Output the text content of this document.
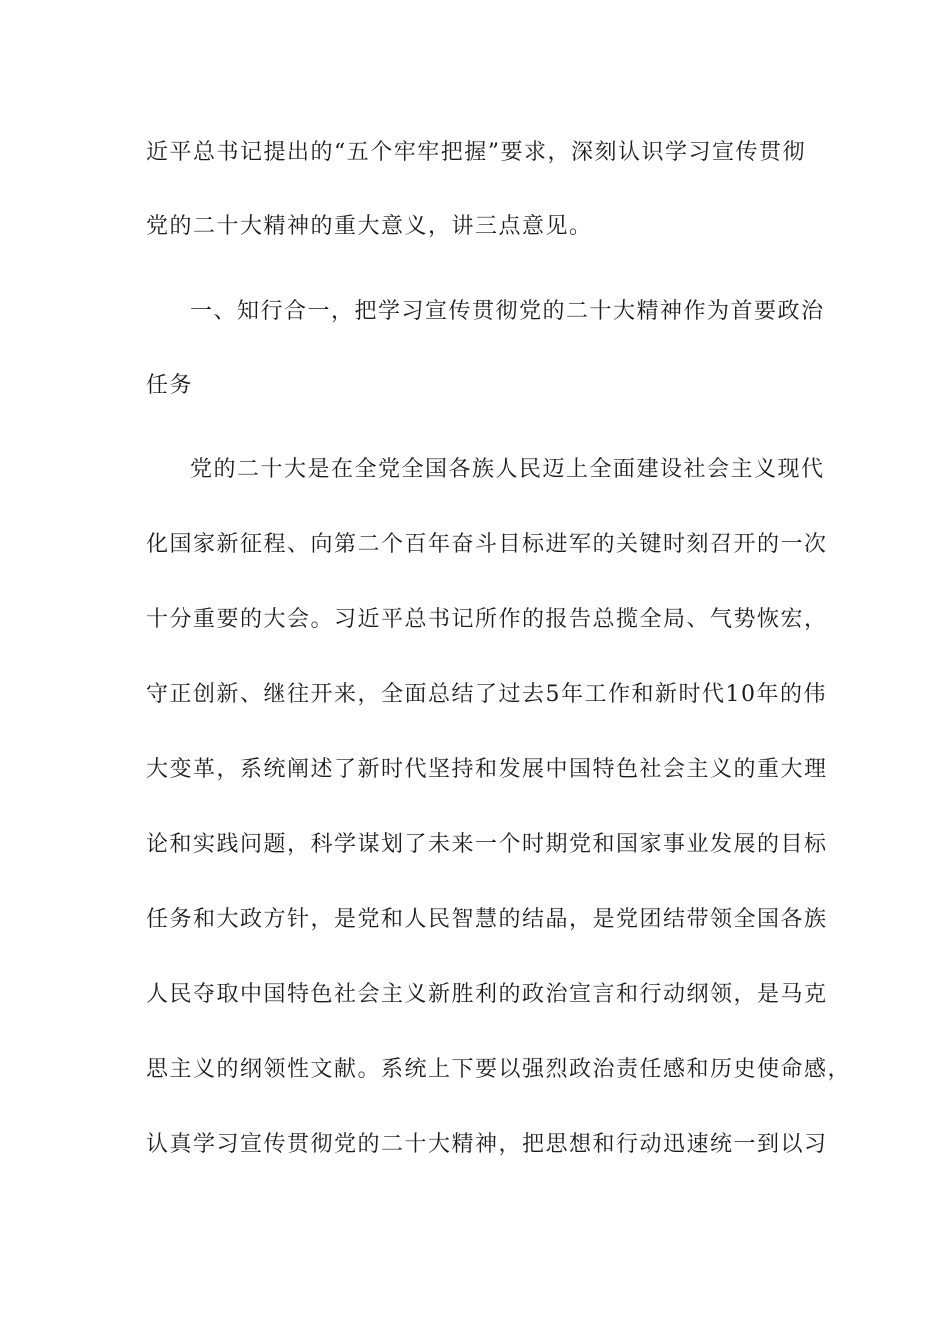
近平总书记提出的“五个牢牢把握”要求，深刻认识学习宣传贯彻
党的二十大精神的重大意义，讲三点意见。
一、知行合一，把学习宣传贯彻党的二十大精神作为首要政治
任务
党的二十大是在全党全国各族人民迈上全面建设社会主义现代
化国家新征程、向第二个百年奋斗目标进军的关键时刻召开的一次
十分重要的大会。习近平总书记所作的报告总揽全局、气势恢宏，
守正创新、继往开来，全面总结了过去5年工作和新时代10年的伟
大变革，系统阐述了新时代坚持和发展中国特色社会主义的重大理
论和实践问题，科学谋划了未来一个时期党和国家事业发展的目标
任务和大政方针，是党和人民智慧的结晶，是党团结带领全国各族
人民夺取中国特色社会主义新胜利的政治宣言和行动纲领，是马克
思主义的纲领性文献。系统上下要以强烈政治责任感和历史使命感，
认真学习宣传贯彻党的二十大精神，把思想和行动迅速统一到以习
